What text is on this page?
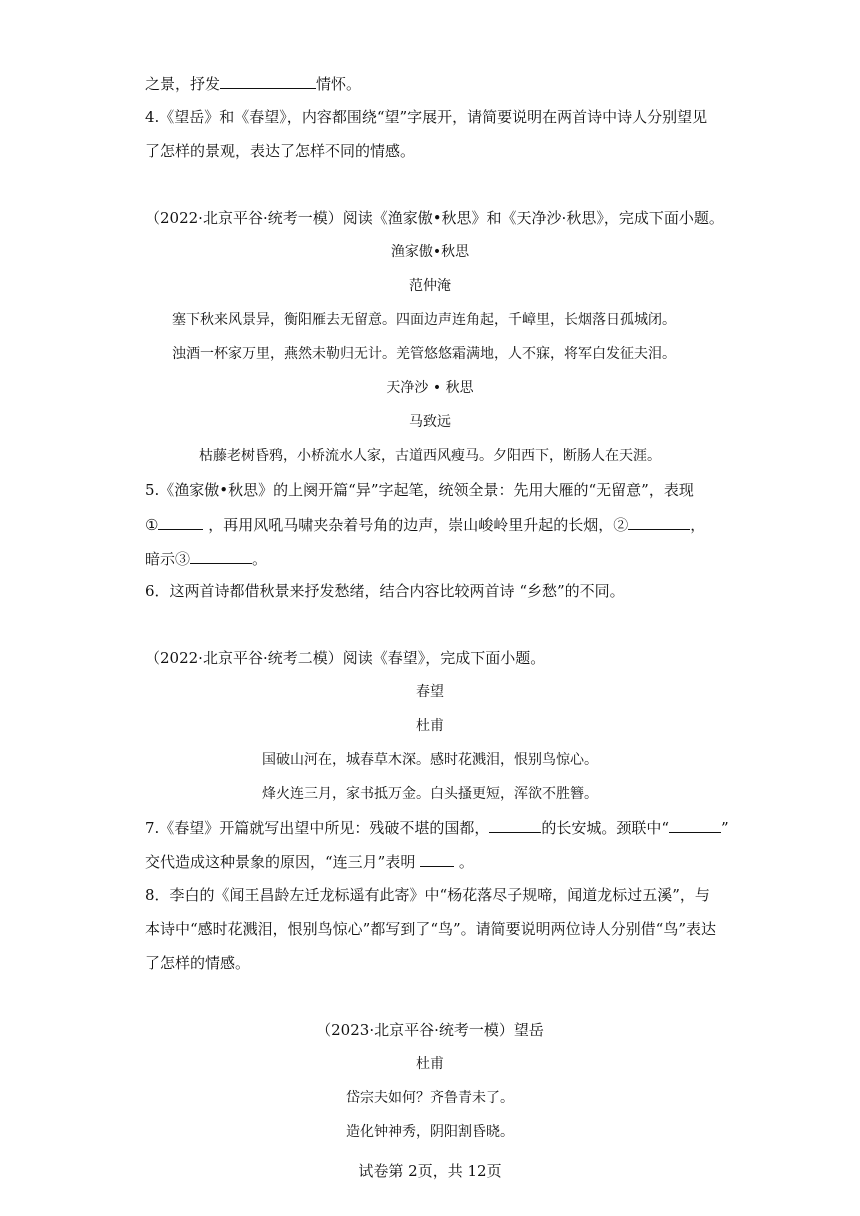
之景，抒发	情怀。
4.《望岳》和《春望》，内容都围绕“望”字展开，请简要说明在两首诗中诗人分别望见
了怎样的景观，表达了怎样不同的情感。
（2022·北京平谷·统考一模）阅读《渔家傲•秋思》和《天净沙·秋思》，完成下面小题。
渔家傲•秋思
范仲淹
塞下秋来风景异，衡阳雁去无留意。四面边声连角起，千嶂里，长烟落日孤城闭。
浊酒一杯家万里，燕然未勒归无计。羌管悠悠霜满地，人不寐，将军白发征夫泪。
天净沙 • 秋思
马致远
枯藤老树昏鸦，小桥流水人家，古道西风瘦马。夕阳西下，断肠人在天涯。
5.《渔家傲•秋思》的上阕开篇“异”字起笔，统领全景：先用大雁的“无留意”，表现
①	，再用风吼马啸夹杂着号角的边声，崇山峻岭里升起的长烟，②	，
暗示③	。
6．这两首诗都借秋景来抒发愁绪，结合内容比较两首诗 “乡愁”的不同。
（2022·北京平谷·统考二模）阅读《春望》，完成下面小题。
春望
杜甫
国破山河在，城春草木深。感时花溅泪，恨别鸟惊心。
烽火连三月，家书抵万金。白头搔更短，浑欲不胜簪。
7.《春望》开篇就写出望中所见：残破不堪的国都，	的长安城。颈联中“	”
交代造成这种景象的原因，“连三月”表明  。
8．李白的《闻王昌龄左迁龙标遥有此寄》中“杨花落尽子规啼，闻道龙标过五溪”，与
本诗中“感时花溅泪，恨别鸟惊心”都写到了“鸟”。请简要说明两位诗人分别借“鸟”表达
了怎样的情感。
（2023·北京平谷·统考一模）望岳
杜甫
岱宗夫如何？齐鲁青未了。
造化钟神秀，阴阳割昏晓。
试卷第 2页，共 12页
